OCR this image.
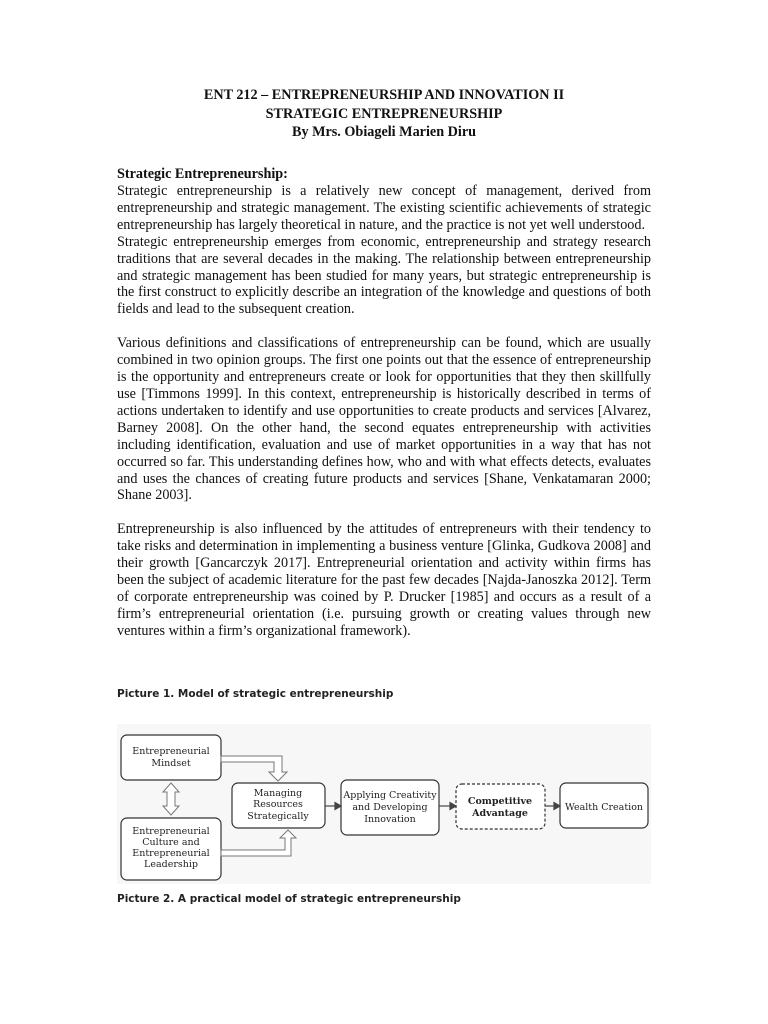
ENT 212 – ENTREPRENEURSHIP AND INNOVATION II
STRATEGIC ENTREPRENEURSHIP
By Mrs. Obiageli Marien Diru
Strategic Entrepreneurship:

Strategic entrepreneurship is a relatively new concept of management, derived from entrepreneurship and strategic management. The existing scientific achievements of strategic entrepreneurship has largely theoretical in nature, and the practice is not yet well understood.

Strategic entrepreneurship emerges from economic, entrepreneurship and strategy research traditions that are several decades in the making. The relationship between entrepreneurship and strategic management has been studied for many years, but strategic entrepreneurship is the first construct to explicitly describe an integration of the knowledge and questions of both fields and lead to the subsequent creation.

Various definitions and classifications of entrepreneurship can be found, which are usually combined in two opinion groups. The first one points out that the essence of entrepreneurship is the opportunity and entrepreneurs create or look for opportunities that they then skillfully use [Timmons 1999]. In this context, entrepreneurship is historically described in terms of actions undertaken to identify and use opportunities to create products and services [Alvarez, Barney 2008]. On the other hand, the second equates entrepreneurship with activities including identification, evaluation and use of market opportunities in a way that has not occurred so far. This understanding defines how, who and with what effects detects, evaluates and uses the chances of creating future products and services [Shane, Venkatamaran 2000; Shane 2003].

Entrepreneurship is also influenced by the attitudes of entrepreneurs with their tendency to take risks and determination in implementing a business venture [Glinka, Gudkova 2008] and their growth [Gancarczyk 2017]. Entrepreneurial orientation and activity within firms has been the subject of academic literature for the past few decades [Najda-Janoszka 2012]. Term of corporate entrepreneurship was coined by P. Drucker [1985] and occurs as a result of a firm’s entrepreneurial orientation (i.e. pursuing growth or creating values through new ventures within a firm’s organizational framework).

Picture 1. Model of strategic entrepreneurship
Entrepreneurial
Mindset
Entrepreneurial
Culture and
Entrepreneurial
Leadership
Managing
Resources
Strategically
Applying Creativity
and Developing
Innovation
Competitive
Advantage
Wealth Creation
Picture 2. A practical model of strategic entrepreneurship
